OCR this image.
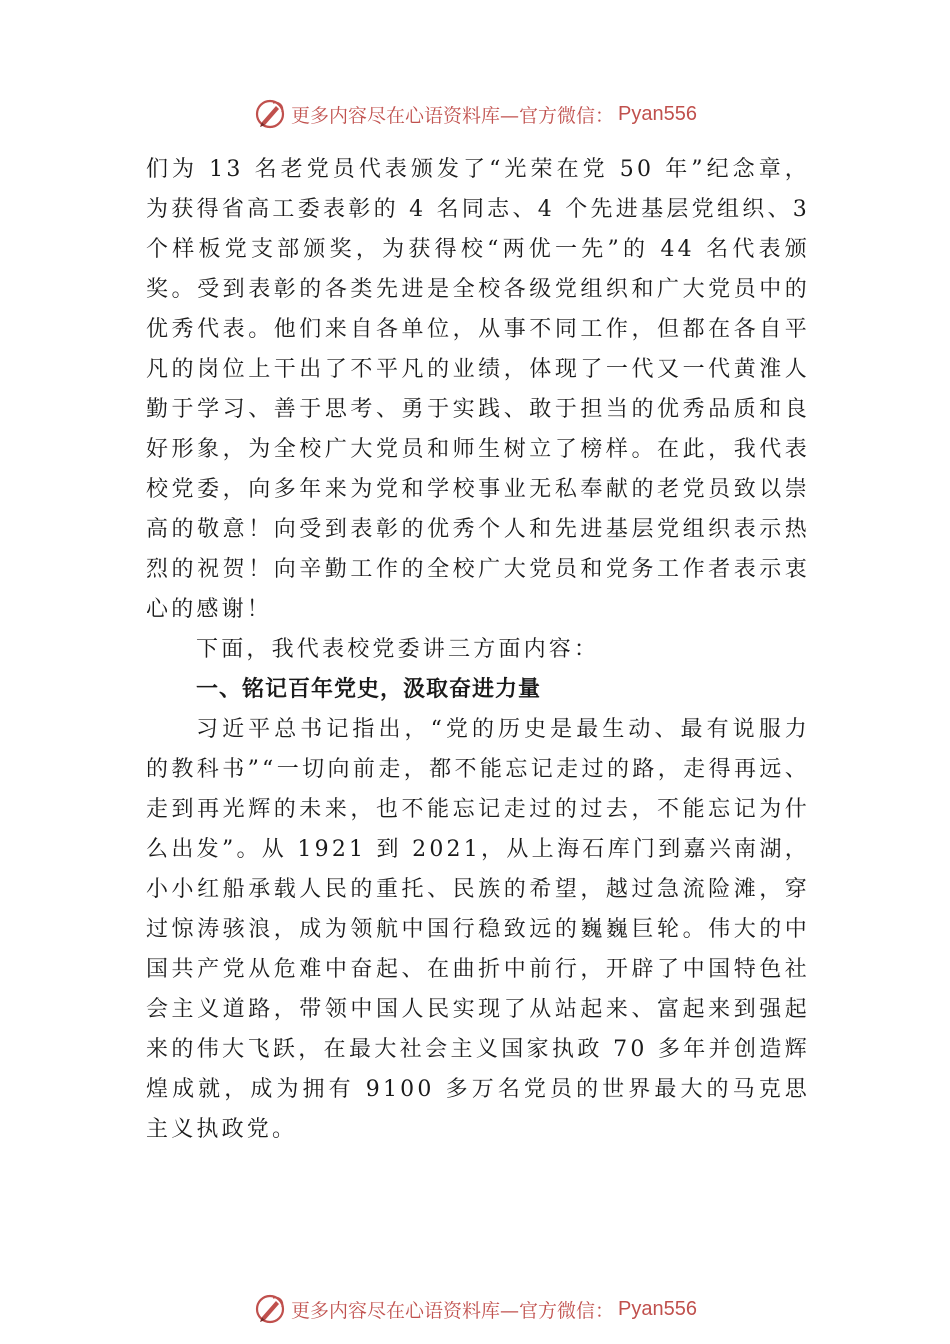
更多内容尽在心语资料库—官方微信： Pyan556

们为 13 名老党员代表颁发了“光荣在党 50 年”纪念章，为获得省高工委表彰的 4 名同志、4 个先进基层党组织、3 个样板党支部颁奖，为获得校“两优一先”的 44 名代表颁奖。受到表彰的各类先进是全校各级党组织和广大党员中的优秀代表。他们来自各单位，从事不同工作，但都在各自平凡的岗位上干出了不平凡的业绩，体现了一代又一代黄淮人勤于学习、善于思考、勇于实践、敢于担当的优秀品质和良好形象，为全校广大党员和师生树立了榜样。在此，我代表校党委，向多年来为党和学校事业无私奉献的老党员致以崇高的敬意！向受到表彰的优秀个人和先进基层党组织表示热烈的祝贺！向辛勤工作的全校广大党员和党务工作者表示衷心的感谢！

下面，我代表校党委讲三方面内容：

一、铭记百年党史，汲取奋进力量

习近平总书记指出，“党的历史是最生动、最有说服力的教科书”“一切向前走，都不能忘记走过的路，走得再远、走到再光辉的未来，也不能忘记走过的过去，不能忘记为什么出发”。从 1921 到 2021，从上海石库门到嘉兴南湖，小小红船承载人民的重托、民族的希望，越过急流险滩，穿过惊涛骇浪，成为领航中国行稳致远的巍巍巨轮。伟大的中国共产党从危难中奋起、在曲折中前行，开辟了中国特色社会主义道路，带领中国人民实现了从站起来、富起来到强起来的伟大飞跃，在最大社会主义国家执政 70 多年并创造辉煌成就，成为拥有 9100 多万名党员的世界最大的马克思主义执政党。

更多内容尽在心语资料库—官方微信： Pyan556
